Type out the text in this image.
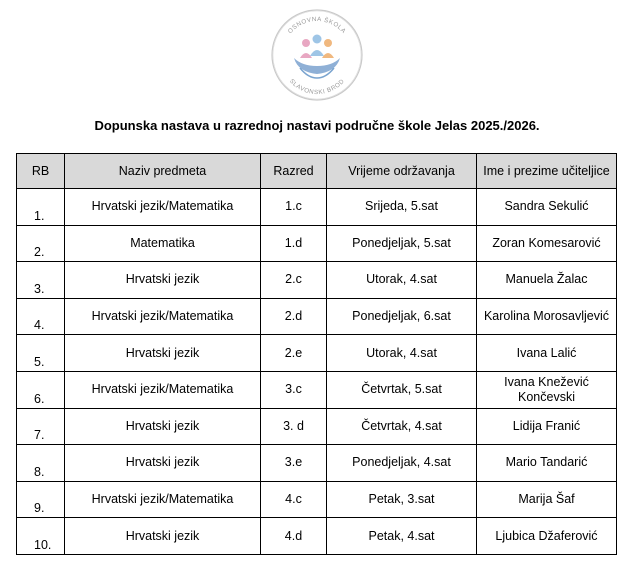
OSNOVNA ŠKOLA
SLAVONSKI BROD
Dopunska nastava u razrednoj nastavi područne škole Jelas 2025./2026.
RB	Naziv predmeta	Razred	Vrijeme održavanja	Ime i prezime učiteljice

1.	Hrvatski jezik/Matematika	1.c	Srijeda, 5.sat	Sandra Sekulić

2.	Matematika	1.d	Ponedjeljak, 5.sat	Zoran Komesarović

3.	Hrvatski jezik	2.c	Utorak, 4.sat	Manuela Žalac

4.	Hrvatski jezik/Matematika	2.d	Ponedjeljak, 6.sat	Karolina Morosavljević

5.	Hrvatski jezik	2.e	Utorak, 4.sat	Ivana Lalić

6.	Hrvatski jezik/Matematika	3.c	Četvrtak, 5.sat	Ivana Knežević Končevski

7.	Hrvatski jezik	3. d	Četvrtak, 4.sat	Lidija Franić

8.	Hrvatski jezik	3.e	Ponedjeljak, 4.sat	Mario Tandarić

9.	Hrvatski jezik/Matematika	4.c	Petak, 3.sat	Marija Šaf

10.	Hrvatski jezik	4.d	Petak, 4.sat	Ljubica Džaferović
